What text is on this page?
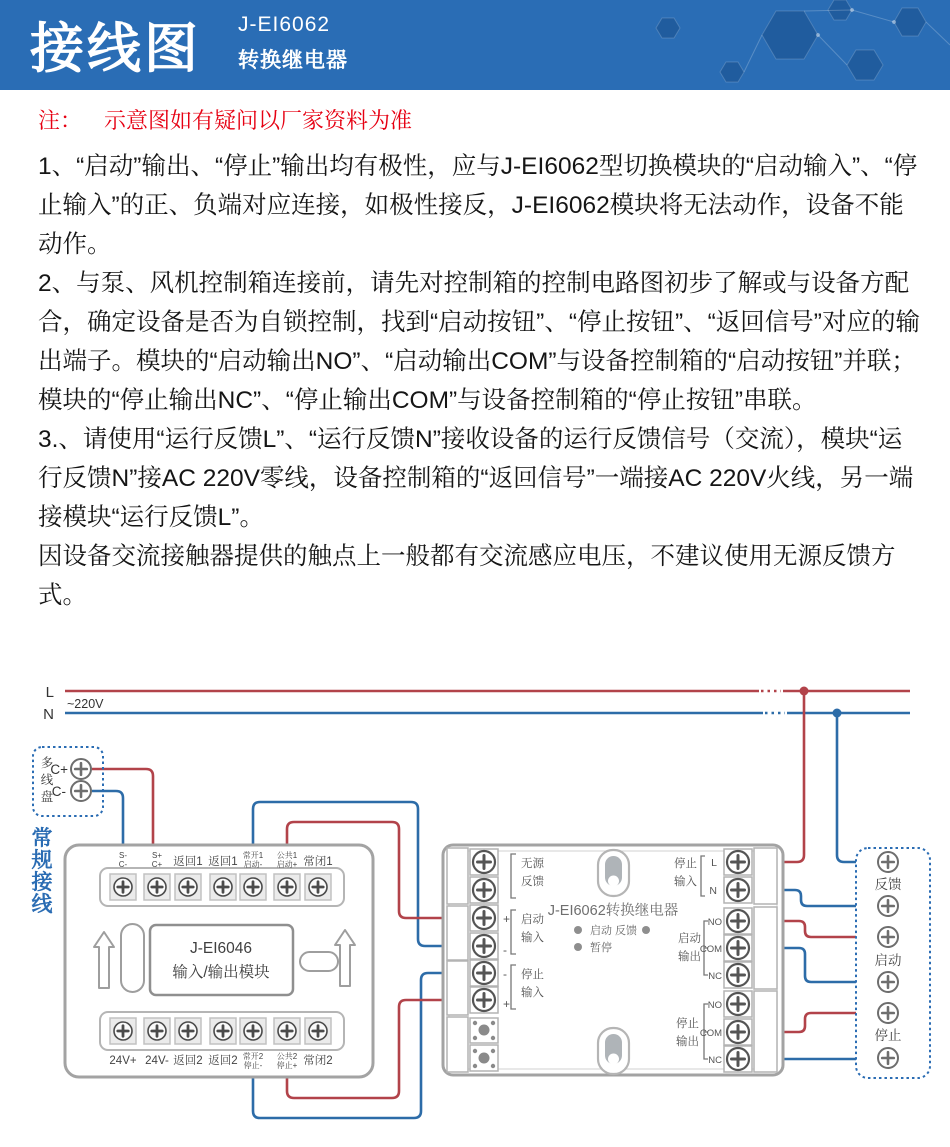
接线图 J-EI6062
转换继电器
注： 示意图如有疑问以厂家资料为准

1、“启动”输出、“停止”输出均有极性，应与J-EI6062型切换模块的“启动输入”、“停止输入”的正、负端对应连接，如极性接反，J-EI6062模块将无法动作，设备不能动作。

2、与泵、风机控制箱连接前，请先对控制箱的控制电路图初步了解或与设备方配合，确定设备是否为自锁控制，找到“启动按钮”、“停止按钮”、“返回信号”对应的输出端子。模块的“启动输出NO”、“启动输出COM”与设备控制箱的“启动按钮”并联；模块的“停止输出NC”、“停止输出COM”与设备控制箱的“停止按钮”串联。

3.、请使用“运行反馈L”、“运行反馈N”接收设备的运行反馈信号（交流），模块“运行反馈N”接AC 220V零线，设备控制箱的“返回信号”一端接AC 220V火线，另一端接模块“运行反馈L”。

因设备交流接触器提供的触点上一般都有交流感应电压，不建议使用无源反馈方式。

L
N
~220V
多
线
盘
C+
C-
常
规
接
线
S-
C-
S+
C+ 返回1 返回1
常开1
启动-
公共1
启动+ 常闭1
J-EI6046
输入/输出模块
24V+ 24V- 返回2 返回2 常开2
停止-
公共2
停止+ 常闭2
无源
反馈
+
-
启动
输入
-
+
停止
输入
J-EI6062转换继电器
启动 反馈
暂停
停止
输入
L
N
启动
输出
NO
COM
NC
停止
输出
NO
COM
NC
反馈
启动
停止
